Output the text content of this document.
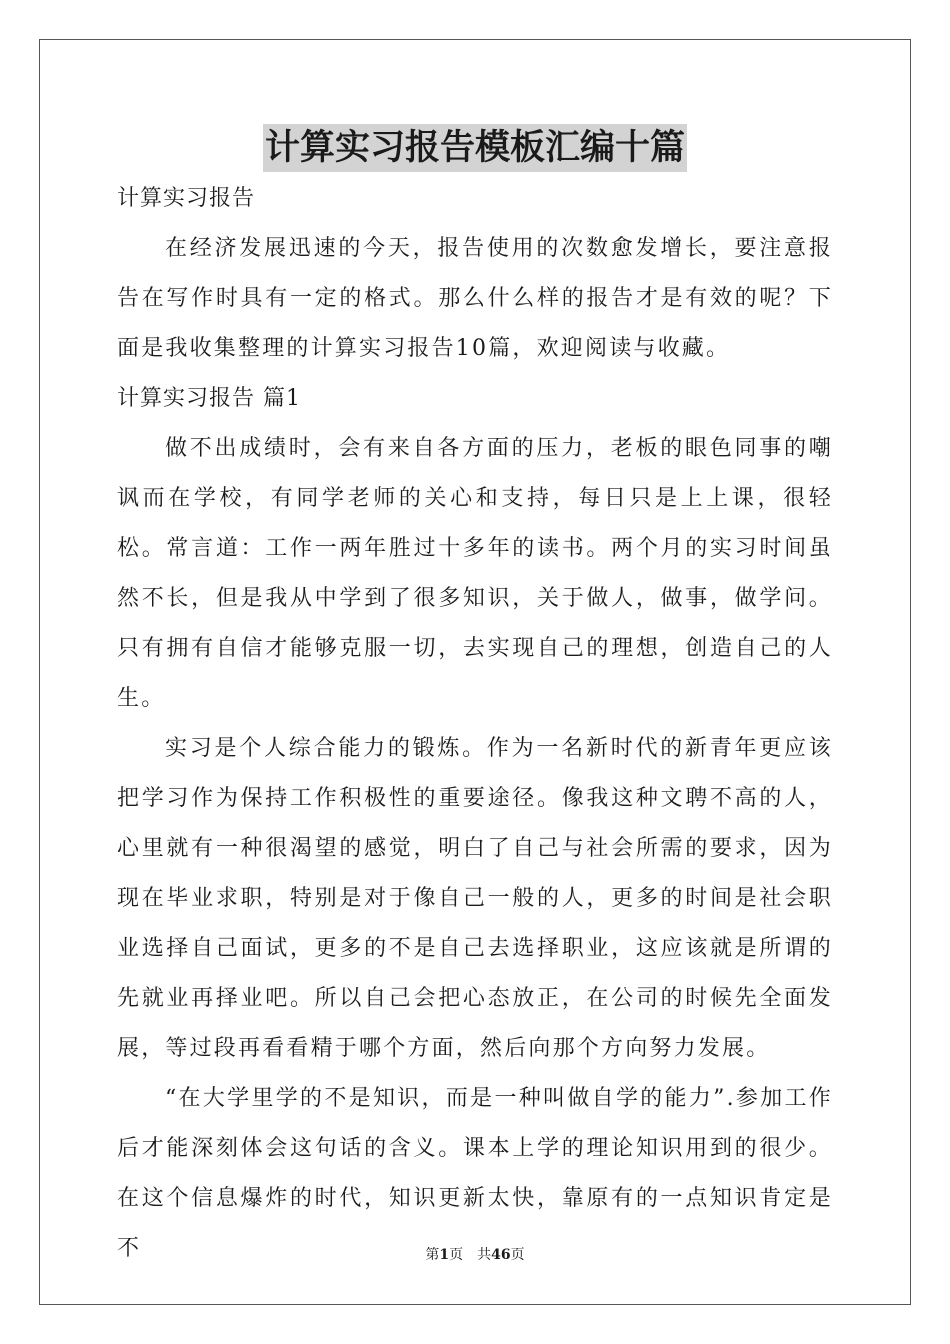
计算实习报告模板汇编十篇
计算实习报告

在经济发展迅速的今天，报告使用的次数愈发增长，要注意报告在写作时具有一定的格式。那么什么样的报告才是有效的呢？下面是我收集整理的计算实习报告10篇，欢迎阅读与收藏。

计算实习报告 篇1

做不出成绩时，会有来自各方面的压力，老板的眼色同事的嘲讽而在学校，有同学老师的关心和支持，每日只是上上课，很轻松。常言道：工作一两年胜过十多年的读书。两个月的实习时间虽然不长，但是我从中学到了很多知识，关于做人，做事，做学问。只有拥有自信才能够克服一切，去实现自己的理想，创造自己的人生。

实习是个人综合能力的锻炼。作为一名新时代的新青年更应该把学习作为保持工作积极性的重要途径。像我这种文聘不高的人，心里就有一种很渴望的感觉，明白了自己与社会所需的要求，因为现在毕业求职，特别是对于像自己一般的人，更多的时间是社会职业选择自己面试，更多的不是自己去选择职业，这应该就是所谓的先就业再择业吧。所以自己会把心态放正，在公司的时候先全面发展，等过段再看看精于哪个方面，然后向那个方向努力发展。

“在大学里学的不是知识，而是一种叫做自学的能力”.参加工作后才能深刻体会这句话的含义。课本上学的理论知识用到的很少。在这个信息爆炸的时代，知识更新太快，靠原有的一点知识肯定是不	第1页　共46页
